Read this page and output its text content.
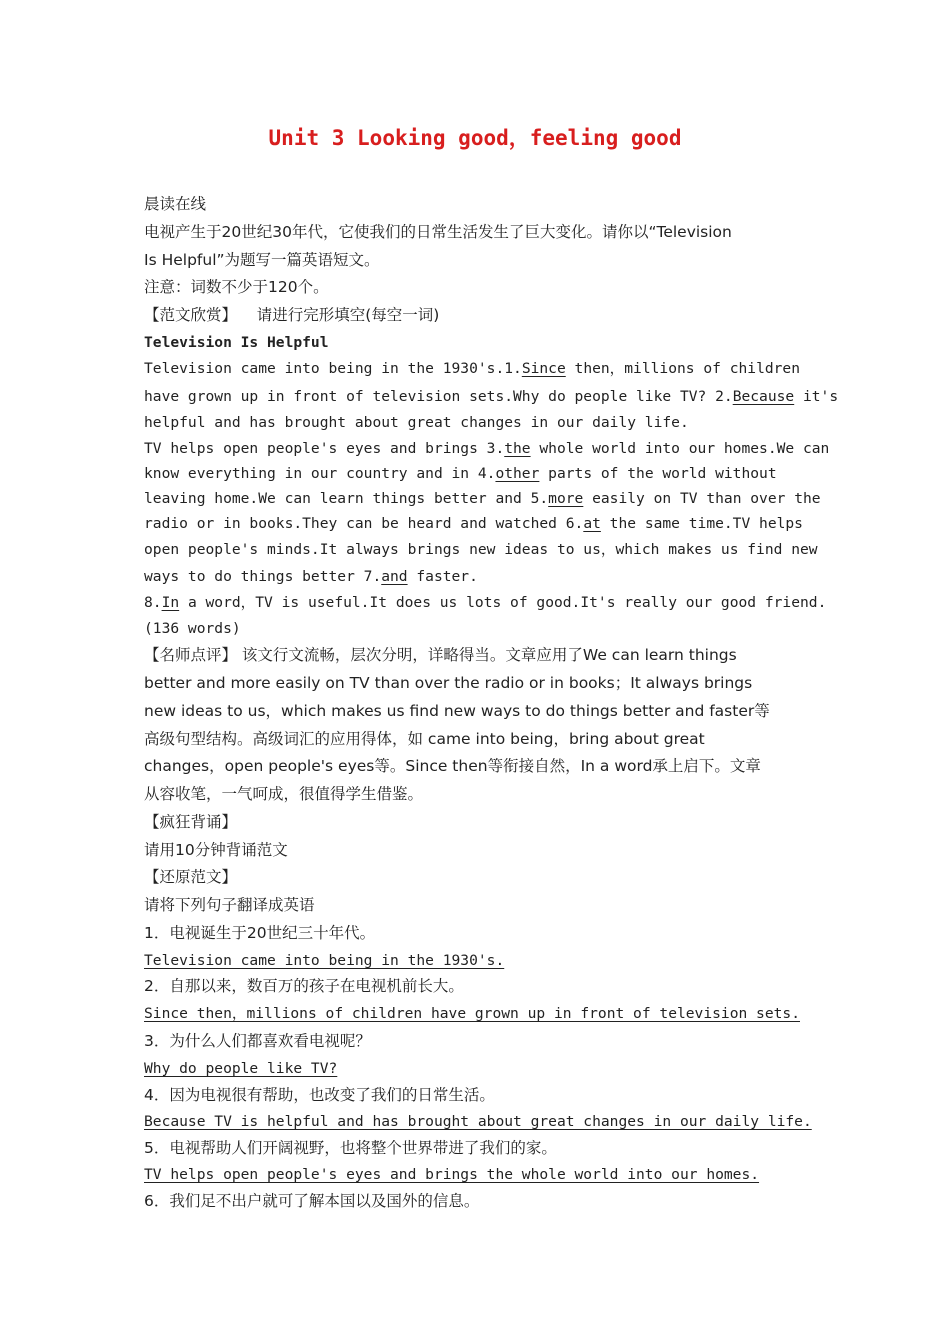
Unit 3 Looking good，feeling good
晨读在线
电视产生于20世纪30年代，它使我们的日常生活发生了巨大变化。请你以“Television
Is Helpful”为题写一篇英语短文。
注意：词数不少于120个。
【范文欣赏】    请进行完形填空(每空一词)
Television Is Helpful
Television came into being in the 1930's.1.Since then，millions of children
have grown up in front of television sets.Why do people like TV? 2.Because it's
helpful and has brought about great changes in our daily life.
TV helps open people's eyes and brings 3.the whole world into our homes.We can
know everything in our country and in 4.other parts of the world without
leaving home.We can learn things better and 5.more easily on TV than over the
radio or in books.They can be heard and watched 6.at the same time.TV helps
open people's minds.It always brings new ideas to us，which makes us find new
ways to do things better 7.and faster.
8.In a word，TV is useful.It does us lots of good.It's really our good friend.
(136 words)
【名师点评】 该文行文流畅，层次分明，详略得当。文章应用了We can learn things
better and more easily on TV than over the radio or in books；It always brings
new ideas to us，which makes us find new ways to do things better and faster等
高级句型结构。高级词汇的应用得体，如 came into being，bring about great
changes，open people's eyes等。Since then等衔接自然，In a word承上启下。文章
从容收笔，一气呵成，很值得学生借鉴。
【疯狂背诵】
请用10分钟背诵范文
【还原范文】
请将下列句子翻译成英语
1．电视诞生于20世纪三十年代。
Television came into being in the 1930's.
2．自那以来，数百万的孩子在电视机前长大。
Since then，millions of children have grown up in front of television sets.
3．为什么人们都喜欢看电视呢？
Why do people like TV?
4．因为电视很有帮助，也改变了我们的日常生活。
Because TV is helpful and has brought about great changes in our daily life.
5．电视帮助人们开阔视野，也将整个世界带进了我们的家。
TV helps open people's eyes and brings the whole world into our homes.
6．我们足不出户就可了解本国以及国外的信息。
